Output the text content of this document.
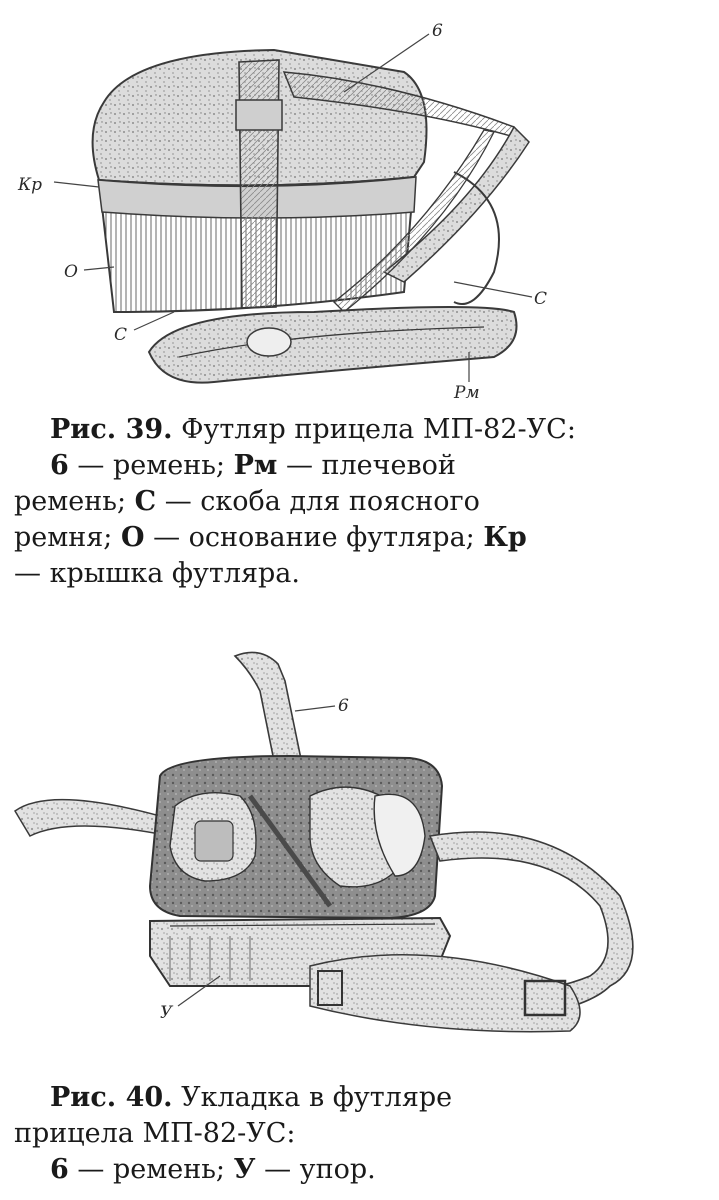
6
Кр
О
С
С
Рм
Рис. 39. Футляр прицела МП-82-УС:
6 — ремень; Рм — плечевой
ремень; С — скоба для поясного
ремня; О — основание футляра; Кр
— крышка футляра.
6
У
Рис. 40. Укладка в футляре
прицела МП-82-УС:
6 — ремень; У — упор.
